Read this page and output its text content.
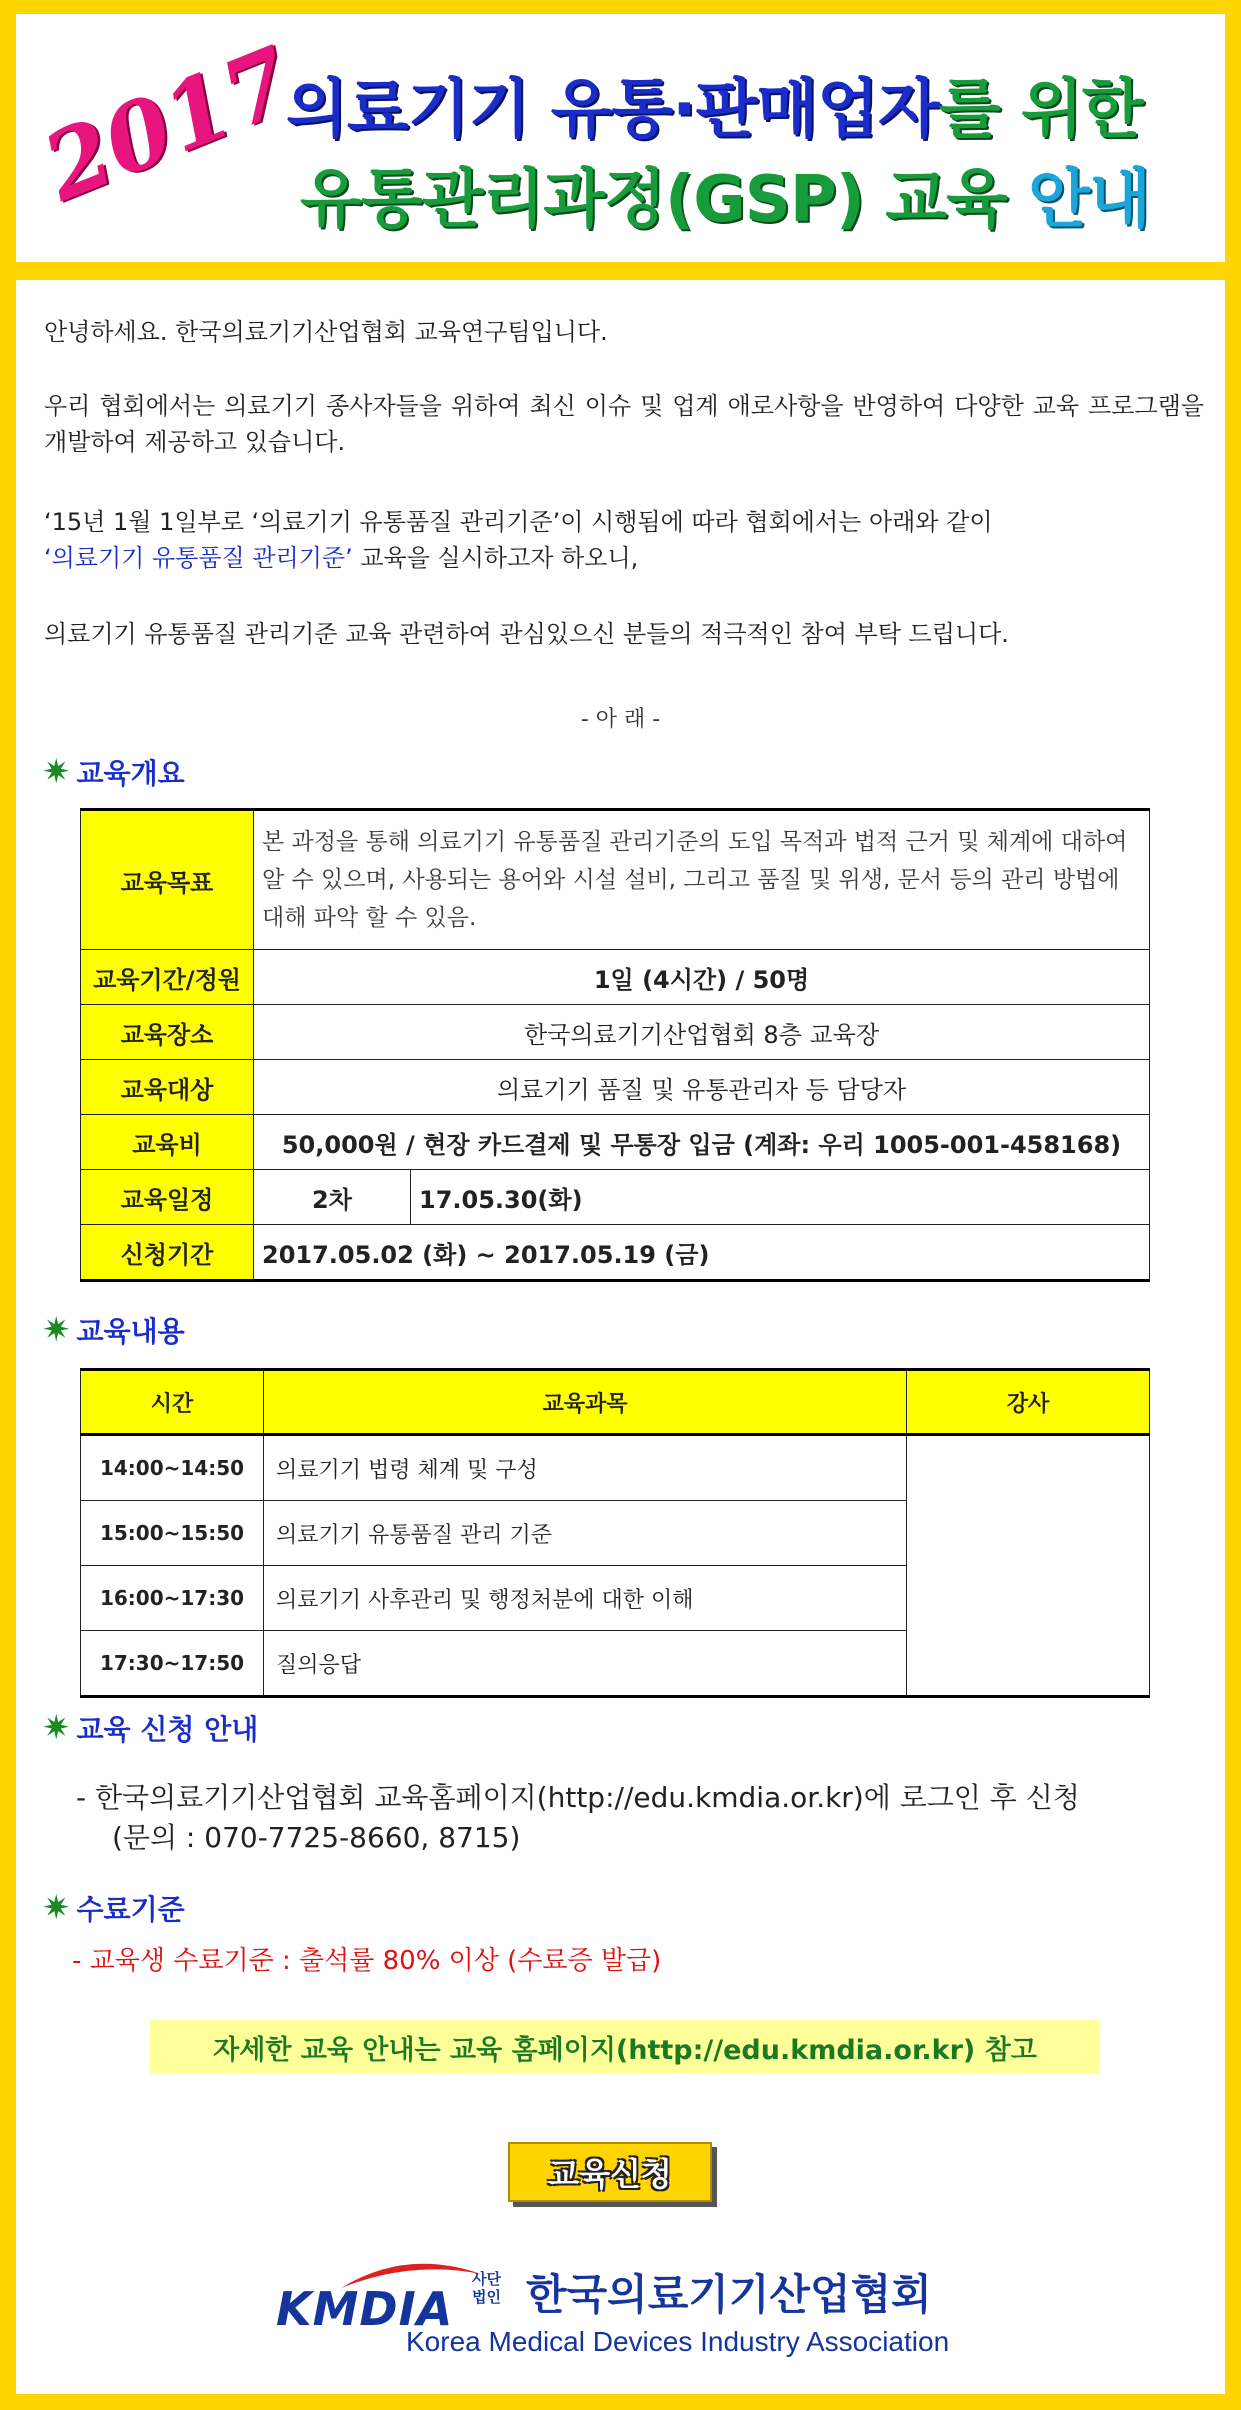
2017
의료기기 유통·판매업자를 위한
유통관리과정(GSP) 교육 안내
안녕하세요. 한국의료기기산업협회 교육연구팀입니다.
우리 협회에서는 의료기기 종사자들을 위하여 최신 이슈 및 업계 애로사항을 반영하여 다양한 교육 프로그램을 개발하여 제공하고 있습니다.
‘15년 1월 1일부로 ‘의료기기 유통품질 관리기준’이 시행됨에 따라 협회에서는 아래와 같이
‘의료기기 유통품질 관리기준’ 교육을 실시하고자 하오니,
의료기기 유통품질 관리기준 교육 관련하여 관심있으신 분들의 적극적인 참여 부탁 드립니다.
- 아 래 -
✷ 교육개요
교육목표	본 과정을 통해 의료기기 유통품질 관리기준의 도입 목적과 법적 근거 및 체계에 대하여 알 수 있으며, 사용되는 용어와 시설 설비, 그리고 품질 및 위생, 문서 등의 관리 방법에 대해 파악 할 수 있음.	
교육기간/정원	1일 (4시간) / 50명	
교육장소	한국의료기기산업협회 8층 교육장	
교육대상	의료기기 품질 및 유통관리자 등 담당자	
교육비	50,000원 / 현장 카드결제 및 무통장 입금 (계좌: 우리 1005-001-458168)	
교육일정	2차	17.05.30(화)
신청기간	2017.05.02 (화) ~ 2017.05.19 (금)	
✷ 교육내용
시간	교육과목	강사
14:00~14:50	의료기기 법령 체계 및 구성	
15:00~15:50	의료기기 유통품질 관리 기준	
16:00~17:30	의료기기 사후관리 및 행정처분에 대한 이해	
17:30~17:50	질의응답	
✷ 교육 신청 안내
- 한국의료기기산업협회 교육홈페이지(http://edu.kmdia.or.kr)에 로그인 후 신청
(문의 : 070-7725-8660, 8715)
✷ 수료기준
- 교육생 수료기준 : 출석률 80% 이상 (수료증 발급)
자세한 교육 안내는 교육 홈페이지(http://edu.kmdia.or.kr) 참고
교육신청
KMDIA
사단
법인 한국의료기기산업협회
Korea Medical Devices Industry Association
